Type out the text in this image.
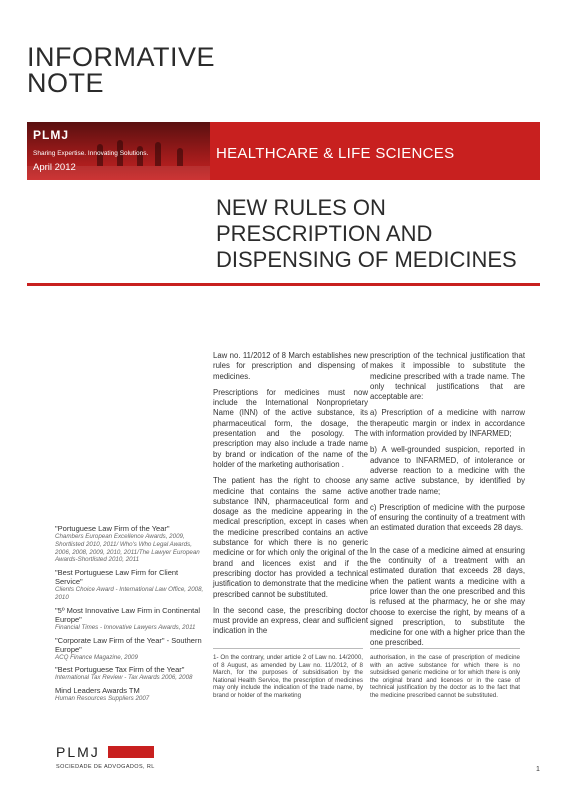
INFORMATIVE
NOTE
PLMJ
Sharing Expertise. Innovating Solutions.
April 2012
HEALTHCARE & LIFE SCIENCES
NEW RULES ON
PRESCRIPTION AND
DISPENSING OF MEDICINES

Law no. 11/2012 of 8 March establishes new rules for prescription and dispensing of medicines.

Prescriptions for medicines must now include the International Nonproprietary Name (INN) of the active substance, its pharmaceutical form, the dosage, the presentation and the posology. The prescription may also include a trade name by brand or indication of the name of the holder of the marketing authorisation .

The patient has the right to choose any medicine that contains the same active substance INN, pharmaceutical form and dosage as the medicine appearing in the medical prescription, except in cases when the medicine prescribed contains an active substance for which there is no generic medicine or for which only the original of the brand and licences exist and if the prescribing doctor has provided a technical justification to demonstrate that the medicine prescribed cannot be substituted.

In the second case, the prescribing doctor must provide an express, clear and sufficient indication in the

prescription of the technical justification that makes it impossible to substitute the medicine prescribed with a trade name. The only technical justifications that are acceptable are:

a) Prescription of a medicine with narrow therapeutic margin or index in accordance with information provided by INFARMED;

b) A well-grounded suspicion, reported in advance to INFARMED, of intolerance or adverse reaction to a medicine with the same active substance, by identified by another trade name;

c) Prescription of medicine with the purpose of ensuring the continuity of a treatment with an estimated duration that exceeds 28 days.

In the case of a medicine aimed at ensuring the continuity of a treatment with an estimated duration that exceeds 28 days, when the patient wants a medicine with a price lower than the one prescribed and this is refused at the pharmacy, he or she may choose to exercise the right, by means of a signed prescription, to substitute the medicine for one with a higher price than the one prescribed.

"Portuguese Law Firm of the Year"
Chambers European Excellence Awards, 2009, Shortlisted 2010, 2011/ Who's Who Legal Awards, 2006, 2008, 2009, 2010, 2011/The Lawyer European Awards-Shortlisted 2010, 2011
"Best Portuguese Law Firm for Client Service"
Clients Choice Award - International Law Office, 2008, 2010
"5º Most Innovative Law Firm in Continental Europe"
Financial Times - Innovative Lawyers Awards, 2011
"Corporate Law Firm of the Year" - Southern Europe"
ACQ Finance Magazine, 2009
"Best Portuguese Tax Firm of the Year"
International Tax Review - Tax Awards 2006, 2008
Mind Leaders Awards TM
Human Resources Suppliers 2007
1- On the contrary, under article 2 of Law no. 14/2000, of 8 August, as amended by Law no. 11/2012, of 8 March, for the purposes of subsidisation by the National Health Service, the prescription of medicines may only include the indication of the trade name, by brand or holder of the marketing
authorisation, in the case of prescription of medicine with an active substance for which there is no subsidised generic medicine or for which there is only the original brand and licences or in the case of technical justification by the doctor as to the fact that the medicine prescribed cannot be substituted.
PLMJ
SOCIEDADE DE ADVOGADOS, RL	1
